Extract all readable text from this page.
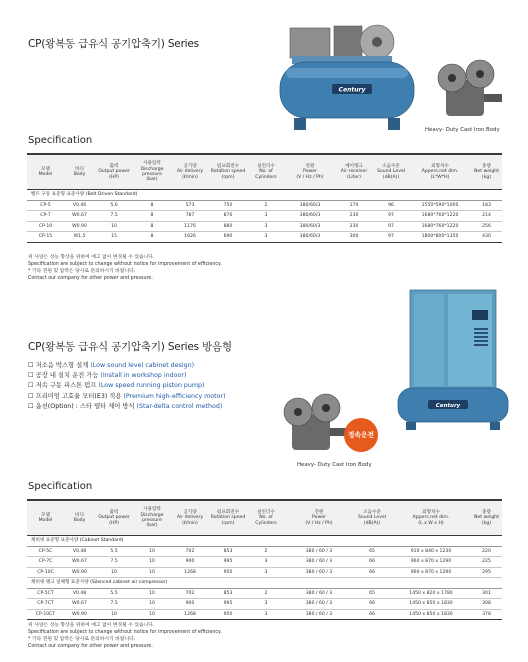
CP(왕복동 급유식 공기압축기) Series
Century
Heavy- Duty Cast Iron Body
Specification
모델
Model	바디
Body	출력
Output power
(HP)	사용압력
Discharge
pressure
(bar)	공기량
Air delivery
(ℓ/min)	펌프회전수
Rotation speed
(rpm)	실린더수
No. of
Cylinders	전원
Power
(V / Hz / Ph)	에어탱크
Air receiver
(Liter)	소음수준
Sound Level
(dB(A))	외형치수
Appers.net dim.
(L*W*H)	중량
Net weight
(kg)
벨트 구동 표준형 표준사양 (Belt Driven Standard)											
CP-5	V0.46	5.0	8	573	750	2	380/60/3	170	96	1550*590*1000	183
CP-7	W0.67	7.5	8	787	870	3	380/60/3	230	97	1680*760*1220	214
CP-10	W0.90	10	8	1176	880	3	380/60/3	230	97	1680*760*1220	256
CP-15	W1.5	15	8	1626	690	3	380/60/3	300	97	1800*800*1350	430
위 사양은 성능 향상을 위하여 예고 없이 변경될 수 있습니다.
Specification are subject to change without notice for improvement of efficiency.
* 기타 전원 및 압력은 당사로 문의하시기 바랍니다.
Contact our company for other power and pressure.
CP(왕복동 급유식 공기압축기) Series 방음형
☐ 저소음 박스형 설계 (Low sound level cabinet design)
☐ 공장 내 설치 운전 가능 (Install in workshop indoor)
☐ 저속 구동 피스톤 펌프 (Low speed running piston pump)
☐ 프리미엄 고효율 모터(E3) 적용 (Premium high-efficiency motor)
☐ 옵션(Option) : 스타 델타 제어 방식 (Star-delta control method)	Century
정속운전
Heavy- Duty Cast Iron Body
Specification
모델
Model	바디
Body	출력
Output power
(HP)	사용압력
Discharge
pressure
(bar)	공기량
Air delivery
(ℓ/min)	펌프회전수
Rotation speed
(rpm)	실린더수
No. of
Cylinders	전원
Power
(V / Hz / Ph)	소음수준
Sound Level
(dB(A))	외형치수
Appers.net dim.
(L x W x H)	중량
Net weight
(kg)
캐비넷 표준형 표준사양 (Cabinet Standard)										
CP-5C	V0.48	5.5	10	702	853	2	380 / 60 / 3	65	910 x 840 x 1230	220
CP-7C	W0.67	7.5	10	900	995	3	380 / 60 / 3	66	960 x 870 x 1290	225
CP-10C	W0.90	10	10	1268	950	3	380 / 60 / 3	66	960 x 870 x 1290	295
캐비넷 탱크 일체형 표준사양 (Silenced cabinet air compressor)										
CP-5CT	V0.48	5.5	10	702	853	2	380 / 60 / 3	65	1450 x 820 x 1780	301
CP-7CT	W0.67	7.5	10	900	995	3	380 / 60 / 3	66	1450 x 850 x 1830	308
CP-10CT	W0.90	10	10	1268	950	3	380 / 60 / 3	66	1450 x 850 x 1830	378
위 사양은 성능 향상을 위하여 예고 없이 변경될 수 있습니다.
Specification are subject to change without notice for improvement of efficiency.
* 기타 전원 및 압력은 당사로 문의하시기 바랍니다.
Contact our company for other power and pressure.
